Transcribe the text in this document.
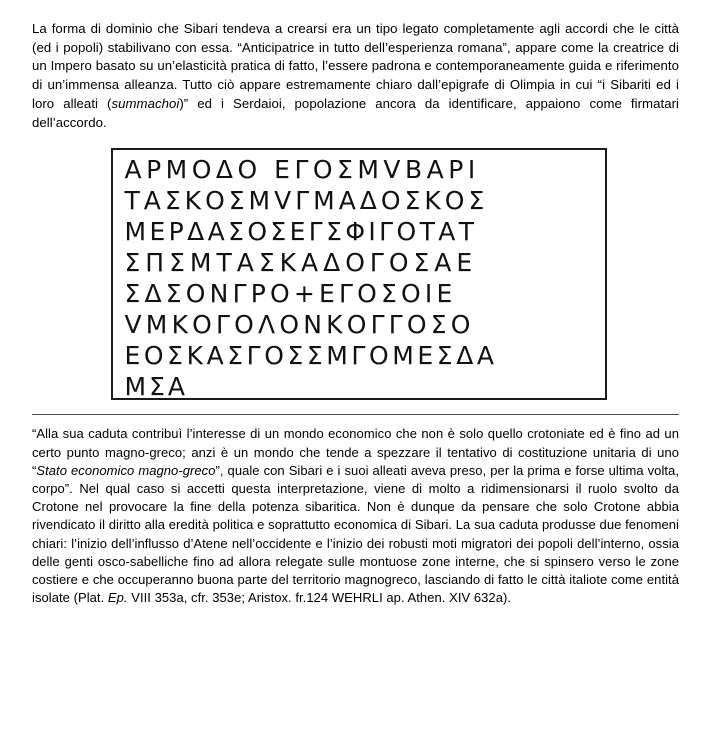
La forma di dominio che Sibari tendeva a crearsi era un tipo legato completamente agli accordi che le città (ed i popoli) stabilivano con essa. “Anticipatrice in tutto dell’esperienza romana”, appare come la creatrice di un Impero basato su un’elasticità pratica di fatto, l’essere padrona e contemporaneamente guida e riferimento di un’immensa alleanza. Tutto ciò appare estremamente chiaro dall’epigrafe di Olimpia in cui “i Sibariti ed i loro alleati (summachoi)” ed i Serdaioi, popolazione ancora da identificare, appaiono come firmatari dell’accordo.

ΑΡΜΟΔΟ ΕΓΟΣΜVΒΑΡΙ
ΤΑΣΚΟΣΜVΓΜΑΔΟΣΚΟΣ
ΜΕΡΔΑΣΟΣΕΓΣΦΙΓΟΤΑΤ
ΣΠΣΜΤΑΣΚΑΔΟΓΟΣΑΕ
ΣΔΣΟΝΓΡΟ+ΕΓΟΣΟΙΕ
VΜΚΟΓΟΛΟΝΚΟΓΓΟΣΟ
ΕΟΣΚΑΣΓΟΣΣΜΓΟΜΕΣΔΑ
ΜΣΑ

“Alla sua caduta contribuì l’interesse di un mondo economico che non è solo quello crotoniate ed è fino ad un certo punto magno-greco; anzi è un mondo che tende a spezzare il tentativo di costituzione unitaria di uno “Stato economico magno-greco”, quale con Sibari e i suoi alleati aveva preso, per la prima e forse ultima volta, corpo”. Nel qual caso si accetti questa interpretazione, viene di molto a ridimensionarsi il ruolo svolto da Crotone nel provocare la fine della potenza sibaritica. Non è dunque da pensare che solo Crotone abbia rivendicato il diritto alla eredità politica e soprattutto economica di Sibari. La sua caduta produsse due fenomeni chiari: l’inizio dell’influsso d’Atene nell’occidente e l’inizio dei robusti moti migratori dei popoli dell’interno, ossia delle genti osco-sabelliche fino ad allora relegate sulle montuose zone interne, che si spinsero verso le zone costiere e che occuperanno buona parte del territorio magnogreco, lasciando di fatto le città italiote come entità isolate (Plat. Ep. VIII 353a, cfr. 353e; Aristox. fr.124 WEHRLI ap. Athen. XIV 632a).
